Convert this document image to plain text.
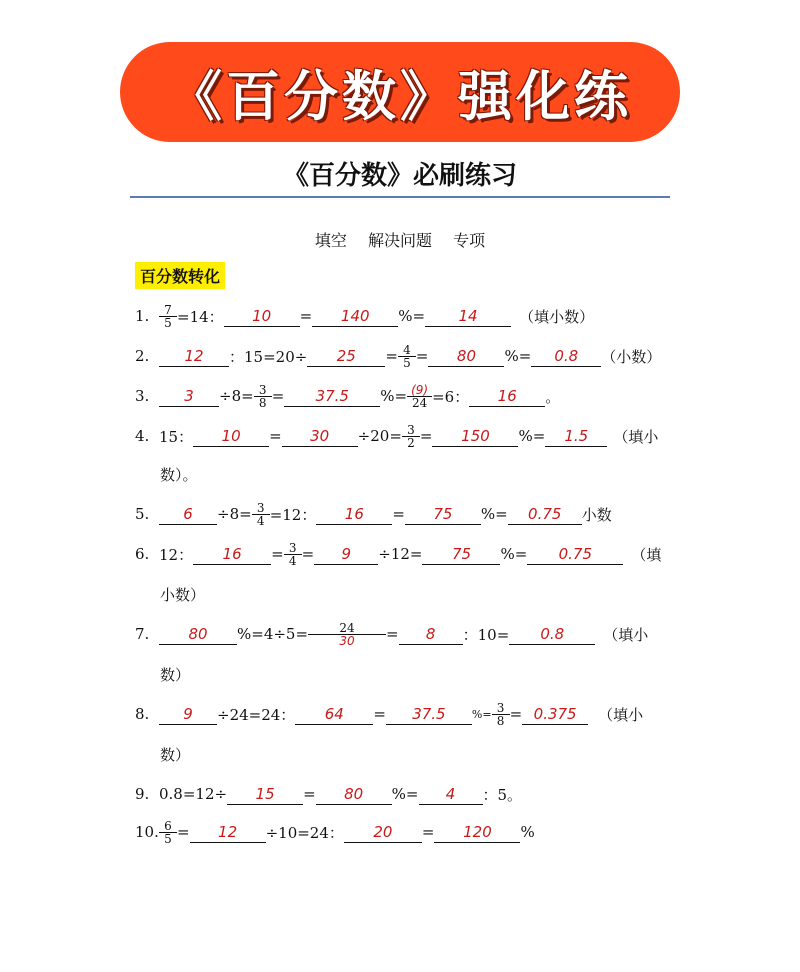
《百分数》强化练
《百分数》必刷练习
填空 解决问题 专项
百分数转化
1. $\frac{7}{5} =14$：	10	=	140	%=	14	（填小数）
2.	12	：15=20÷	25	= $\frac{4}{5}$ =	80	%=	0.8	（小数）
3.	3	$\div 8= \frac{3}{8}$ =	37.5	%= $\frac{(9)}{24} =6$：	16	。
4. 15：	10	=	30	$\div 20= \frac{3}{2}$ =	150	%=	1.5	（填小
数）。
5.	6	$\div 8= \frac{3}{4} =12$：	16	=	75	%=	0.75	小数
6. 12：	16	= $\frac{3}{4}$ =	9	÷12=	75	%=	0.75	（填
小数）
7.	80	$\%=4\div 5= \frac{24}{30}$ =	8	：10=	0.8	（填小
数）
8.	9	÷24=24：	64	=	37.5	%= $\frac{3}{8} = 0.375$	（填小
数）
9. 0.8=12÷	15	=	80	%=	4	：5。
10. $\frac{6}{5}$ =	12	÷10=24：	20	=	120	%
